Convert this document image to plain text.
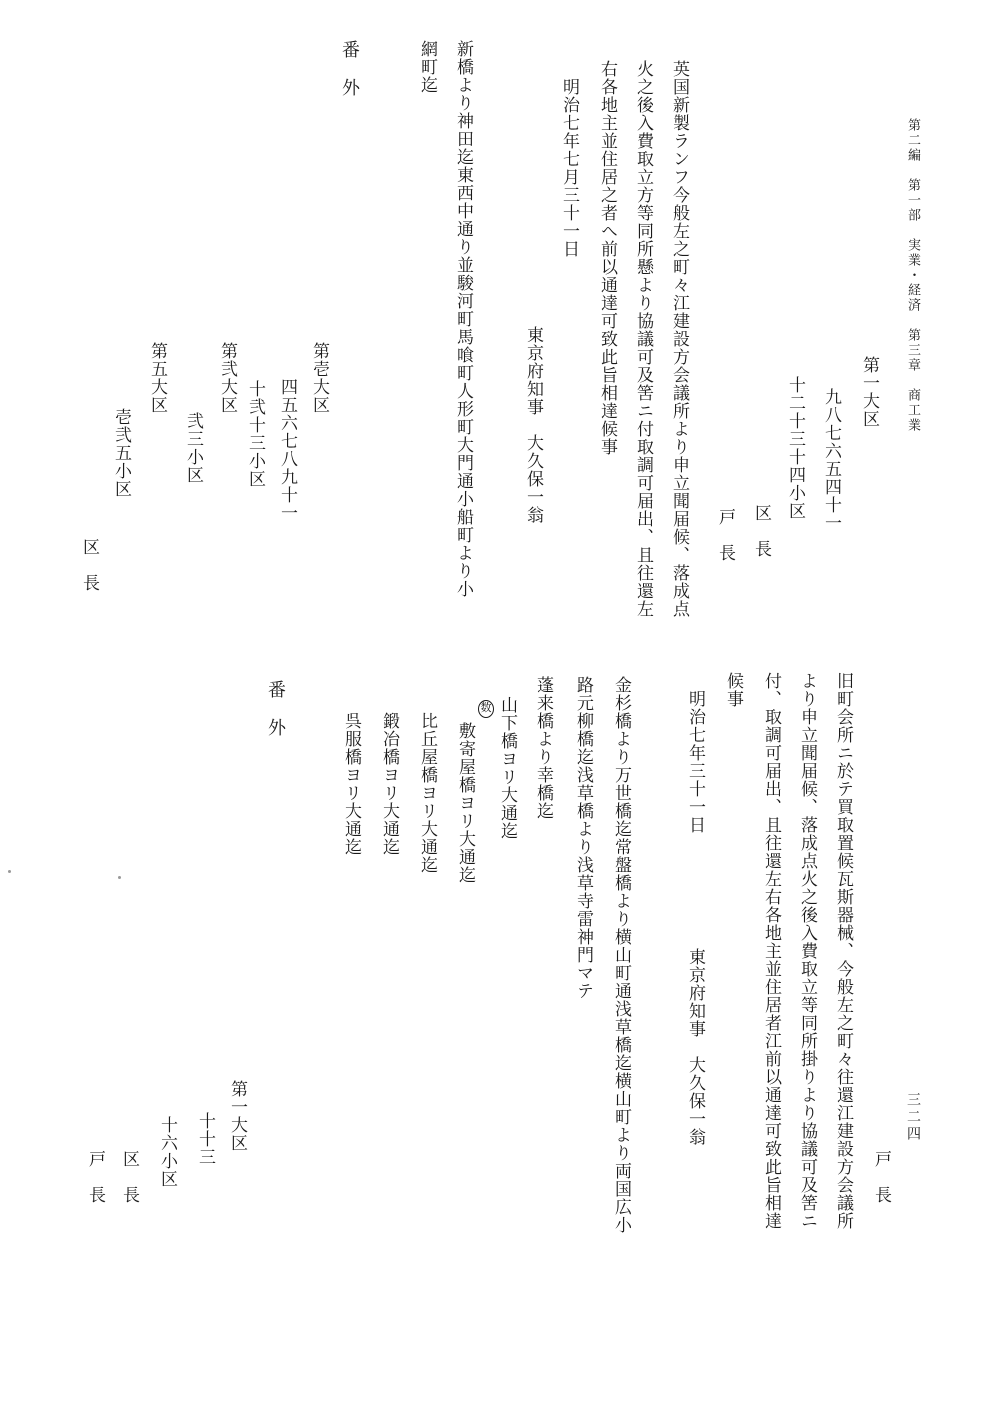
第二編　第一部　実業・経済　第三章　商工業
三二四
第一大区
九八七六五四十一
十二十三十四小区
区　長
戸　長
英国新製ランフ今般左之町々江建設方会議所より申立聞届候、落成点
火之後入費取立方等同所懸より協議可及筈ニ付取調可届出、且往還左
右各地主並住居之者へ前以通達可致此旨相達候事
明治七年七月三十一日
東京府知事　大久保一翁
新橋より神田迄東西中通り並駿河町馬喰町人形町大門通小船町より小
網町迄
第壱大区
四五六七八九十一
十弐十三小区
第弐大区
弐三小区
第五大区
壱弐五小区
区　長
番　外
戸　長
旧町会所ニ於テ買取置候瓦斯器械、今般左之町々往還江建設方会議所
より申立聞届候、落成点火之後入費取立等同所掛りより協議可及筈ニ
付、取調可届出、且往還左右各地主並住居者江前以通達可致此旨相達
候事
明治七年三十一日
東京府知事　大久保一翁
金杉橋より万世橋迄常盤橋より横山町通浅草橋迄横山町より両国広小
路元柳橋迄浅草橋より浅草寺雷神門マテ
蓬来橋より幸橋迄
山下橋ヨリ大通迄
数
敷寄屋橋ヨリ大通迄
比丘屋橋ヨリ大通迄
鍛冶橋ヨリ大通迄
呉服橋ヨリ大通迄
番　外
第一大区
十十三
十六小区
区　長
戸　長
